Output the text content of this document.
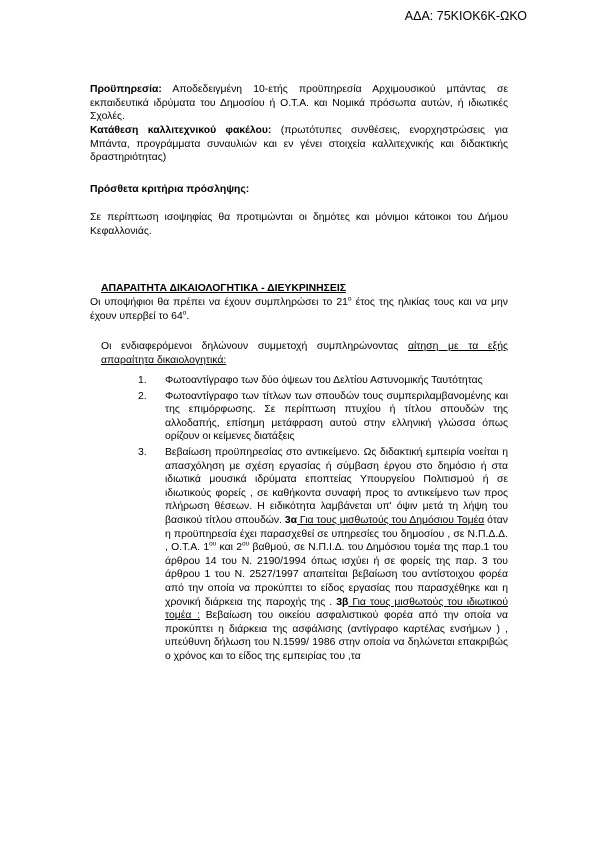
ΑΔΑ: 75ΚΙΟΚ6Κ-ΩΚΟ
Προϋπηρεσία: Αποδεδειγμένη 10-ετής προϋπηρεσία Αρχιμουσικού μπάντας σε εκπαιδευτικά ιδρύματα του Δημοσίου ή Ο.Τ.Α. και Νομικά πρόσωπα αυτών, ή ιδιωτικές Σχολές.
Κατάθεση καλλιτεχνικού φακέλου: (πρωτότυπες συνθέσεις, ενορχηστρώσεις για Μπάντα, προγράμματα συναυλιών και εν γένει στοιχεία καλλιτεχνικής και διδακτικής δραστηριότητας)
Πρόσθετα κριτήρια πρόσληψης:
Σε περίπτωση ισοψηφίας θα προτιμώνται οι δημότες και μόνιμοι κάτοικοι του Δήμου Κεφαλλονιάς.
ΑΠΑΡΑΙΤΗΤΑ ΔΙΚΑΙΟΛΟΓΗΤΙΚΑ - ΔΙΕΥΚΡΙΝΗΣΕΙΣ
Οι υποψήφιοι θα πρέπει να έχουν συμπληρώσει το $21^o$ έτος της ηλικίας τους και να μην έχουν υπερβεί το $64^o$.
Οι ενδιαφερόμενοι δηλώνουν συμμετοχή συμπληρώνοντας αίτηση με τα εξής απαραίτητα δικαιολογητικά:
1. Φωτοαντίγραφο των δύο όψεων του Δελτίου Αστυνομικής Ταυτότητας
2. Φωτοαντίγραφο των τίτλων των σπουδών τους συμπεριλαμβανομένης και της επιμόρφωσης. Σε περίπτωση πτυχίου ή τίτλου σπουδών της αλλοδαπής, επίσημη μετάφραση αυτού στην ελληνική γλώσσα όπως ορίζουν οι κείμενες διατάξεις
3. Βεβαίωση προϋπηρεσίας στο αντικείμενο. Ως διδακτική εμπειρία νοείται η απασχόληση με σχέση εργασίας ή σύμβαση έργου στο δημόσιο ή στα ιδιωτικά μουσικά ιδρύματα εποπτείας Υπουργείου Πολιτισμού ή σε ιδιωτικούς φορείς , σε καθήκοντα συναφή προς το αντικείμενο των προς πλήρωση θέσεων. Η ειδικότητα λαμβάνεται υπ' όψιν μετά τη λήψη του βασικού τίτλου σπουδών. 3α Για τους μισθωτούς του Δημόσιου Τομέα όταν η προϋπηρεσία έχει παρασχεθεί σε υπηρεσίες του δημοσίου , σε Ν.Π.Δ.Δ. , Ο.Τ.Α. $1^{o\upsilon}$ και $2^{o\upsilon}$ βαθμού, σε Ν.Π.Ι.Δ. του Δημόσιου τομέα της παρ.1 του άρθρου 14 του Ν. 2190/1994 όπως ισχύει ή σε φορείς της παρ. 3 του άρθρου 1 του Ν. 2527/1997 απαιτείται βεβαίωση του αντίστοιχου φορέα από την οποία να προκύπτει το είδος εργασίας που παρασχέθηκε και η χρονική διάρκεια της παροχής της . 3β Για τους μισθωτούς του ιδιωτικού τομέα : Βεβαίωση του οικείου ασφαλιστικού φορέα από την οποία να προκύπτει η διάρκεια της ασφάλισης (αντίγραφο καρτέλας ενσήμων ) , υπεύθυνη δήλωση του Ν.1599/ 1986 στην οποία να δηλώνεται επακριβώς ο χρόνος και το είδος της εμπειρίας του ,τα
